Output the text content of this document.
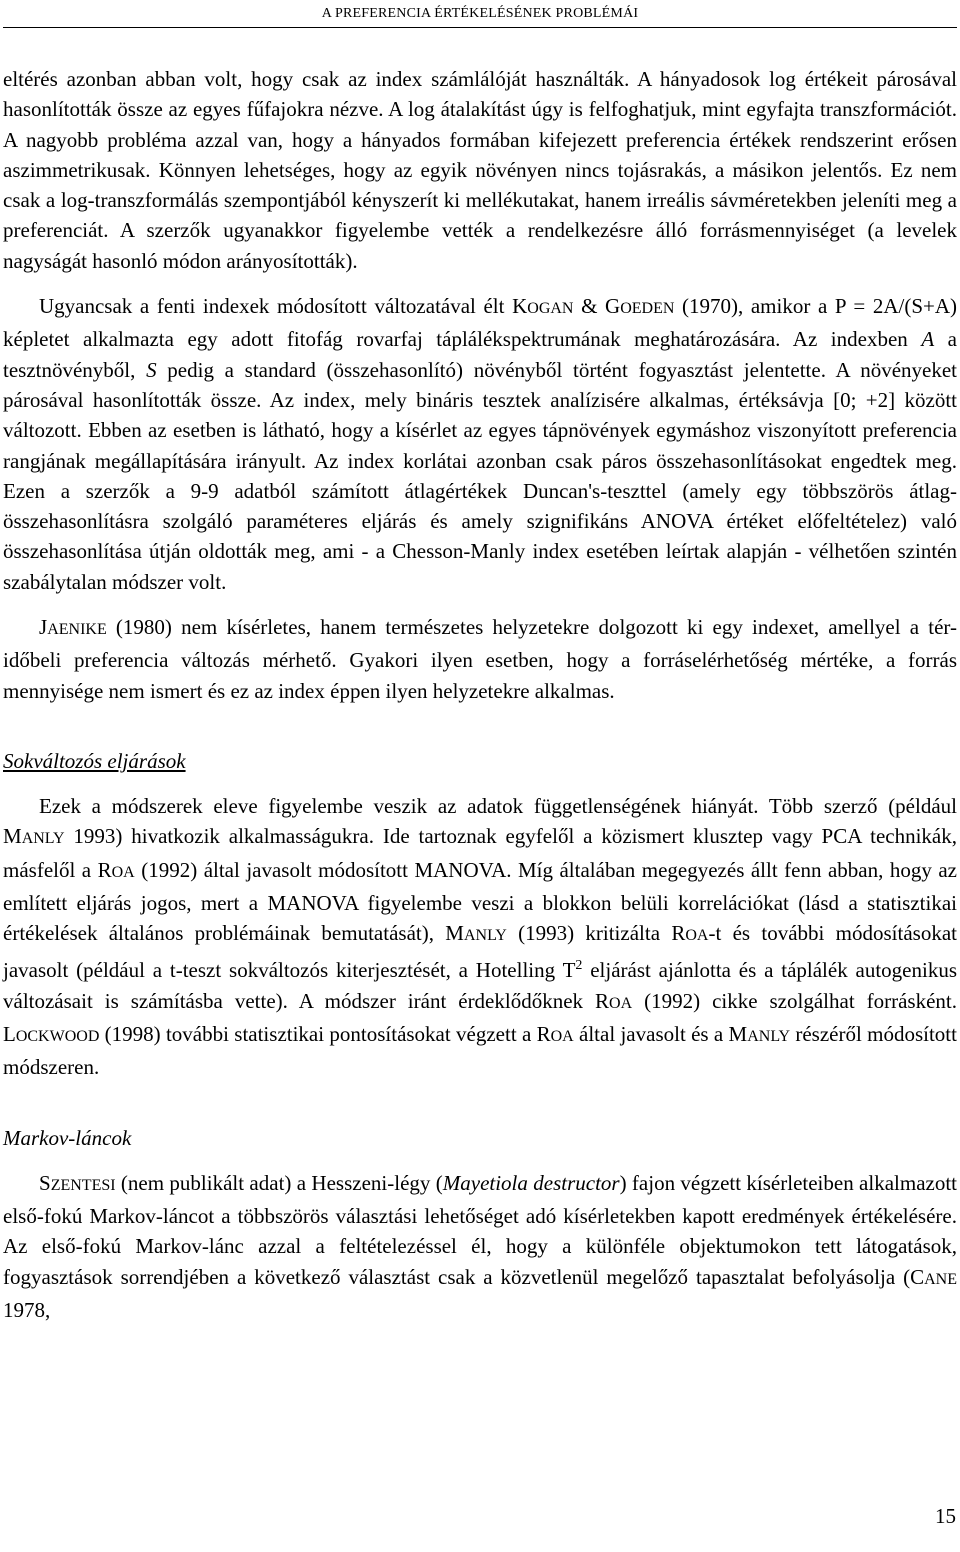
A PREFERENCIA ÉRTÉKELÉSÉNEK PROBLÉMÁI

eltérés azonban abban volt, hogy csak az index számlálóját használták. A hányadosok log értékeit párosával hasonlították össze az egyes fűfajokra nézve. A log átalakítást úgy is felfoghatjuk, mint egyfajta transzformációt. A nagyobb probléma azzal van, hogy a hányados formában kifejezett preferencia értékek rendszerint erősen aszimmetrikusak. Könnyen lehetséges, hogy az egyik növényen nincs tojásrakás, a másikon jelentős. Ez nem csak a log-transzformálás szempontjából kényszerít ki mellékutakat, hanem irreális sávméretekben jeleníti meg a preferenciát. A szerzők ugyanakkor figyelembe vették a rendelkezésre álló forrásmennyiséget (a levelek nagyságát hasonló módon arányosították).

Ugyancsak a fenti indexek módosított változatával élt KOGAN & GOEDEN (1970), amikor a P = 2A/(S+A) képletet alkalmazta egy adott fitofág rovarfaj táplálékspektrumának meghatározására. Az indexben A a tesztnövényből, S pedig a standard (összehasonlító) növényből történt fogyasztást jelentette. A növényeket párosával hasonlították össze. Az index, mely bináris tesztek analízisére alkalmas, értéksávja [0; +2] között változott. Ebben az esetben is látható, hogy a kísérlet az egyes tápnövények egymáshoz viszonyított preferencia rangjának megállapítására irányult. Az index korlátai azonban csak páros összehasonlításokat engedtek meg. Ezen a szerzők a 9-9 adatból számított átlagértékek Duncan's-teszttel (amely egy többszörös átlag-összehasonlításra szolgáló paraméteres eljárás és amely szignifikáns ANOVA értéket előfeltételez) való összehasonlítása útján oldották meg, ami - a Chesson-Manly index esetében leírtak alapján - vélhetően szintén szabálytalan módszer volt.

JAENIKE (1980) nem kísérletes, hanem természetes helyzetekre dolgozott ki egy indexet, amellyel a tér-időbeli preferencia változás mérhető. Gyakori ilyen esetben, hogy a forráselérhetőség mértéke, a forrás mennyisége nem ismert és ez az index éppen ilyen helyzetekre alkalmas.

Sokváltozós eljárások

Ezek a módszerek eleve figyelembe veszik az adatok függetlenségének hiányát. Több szerző (például MANLY 1993) hivatkozik alkalmasságukra. Ide tartoznak egyfelől a közismert klusztер vagy PCA technikák, másfelől a ROA (1992) által javasolt módosított MANOVA. Míg általában megegyezés állt fenn abban, hogy az említett eljárás jogos, mert a MANOVA figyelembe veszi a blokkon belüli korrelációkat (lásd a statisztikai értékelések általános problémáinak bemutatását), MANLY (1993) kritizálta ROA-t és további módosításokat javasolt (például a t-teszt sokváltozós kiterjesztését, a Hotelling $T^2$ eljárást ajánlotta és a táplálék autogenikus változásait is számításba vette). A módszer iránt érdeklődőknek ROA (1992) cikke szolgálhat forrásként. LOCKWOOD (1998) további statisztikai pontosításokat végzett a ROA által javasolt és a MANLY részéről módosított módszeren.

Markov-láncok

SZENTESI (nem publikált adat) a Hesszeni-légy (Mayetiola destructor) fajon végzett kísérleteiben alkalmazott első-fokú Markov-láncot a többszörös választási lehetőséget adó kísérletekben kapott eredmények értékelésére. Az első-fokú Markov-lánc azzal a feltételezéssel él, hogy a különféle objektumokon tett látogatások, fogyasztások sorrendjében a következő választást csak a közvetlenül megelőző tapasztalat befolyásolja (CANE 1978,

15
